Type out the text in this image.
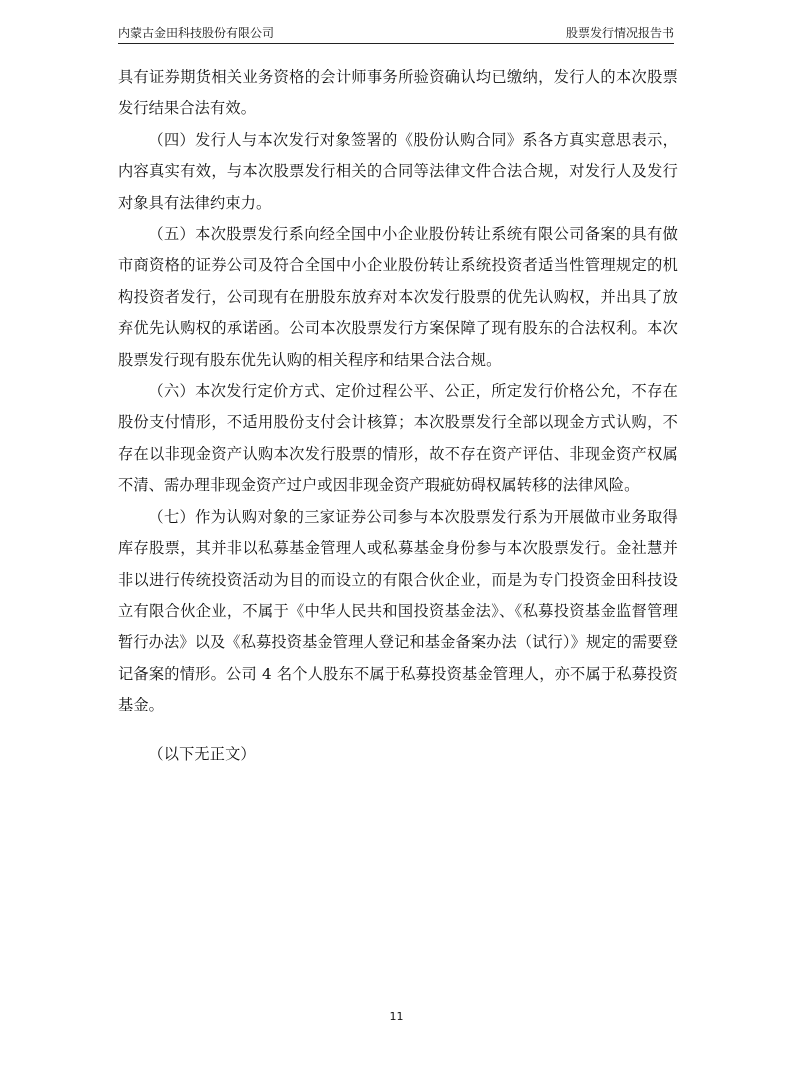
内蒙古金田科技股份有限公司	股票发行情况报告书

具有证券期货相关业务资格的会计师事务所验资确认均已缴纳，发行人的本次股票发行结果合法有效。

（四）发行人与本次发行对象签署的《股份认购合同》系各方真实意思表示，内容真实有效，与本次股票发行相关的合同等法律文件合法合规，对发行人及发行对象具有法律约束力。

（五）本次股票发行系向经全国中小企业股份转让系统有限公司备案的具有做市商资格的证券公司及符合全国中小企业股份转让系统投资者适当性管理规定的机构投资者发行，公司现有在册股东放弃对本次发行股票的优先认购权，并出具了放弃优先认购权的承诺函。公司本次股票发行方案保障了现有股东的合法权利。本次股票发行现有股东优先认购的相关程序和结果合法合规。

（六）本次发行定价方式、定价过程公平、公正，所定发行价格公允，不存在股份支付情形，不适用股份支付会计核算；本次股票发行全部以现金方式认购，不存在以非现金资产认购本次发行股票的情形，故不存在资产评估、非现金资产权属不清、需办理非现金资产过户或因非现金资产瑕疵妨碍权属转移的法律风险。

（七）作为认购对象的三家证券公司参与本次股票发行系为开展做市业务取得库存股票，其并非以私募基金管理人或私募基金身份参与本次股票发行。金社慧并非以进行传统投资活动为目的而设立的有限合伙企业，而是为专门投资金田科技设立有限合伙企业，不属于《中华人民共和国投资基金法》、《私募投资基金监督管理暂行办法》以及《私募投资基金管理人登记和基金备案办法（试行）》规定的需要登记备案的情形。公司 4 名个人股东不属于私募投资基金管理人，亦不属于私募投资基金。

（以下无正文）

11
